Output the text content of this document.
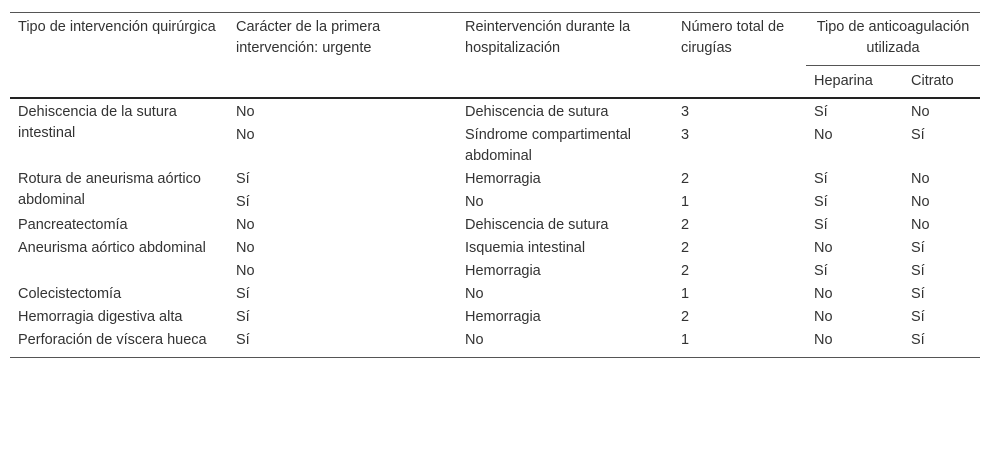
Tipo de intervención quirúrgica	Carácter de la primera intervención: urgente	Reintervención durante la hospitalización	Número total de cirugías	Tipo de anticoagulación utilizada	
				Heparina	Citrato
Dehiscencia de la sutura intestinal	No	Dehiscencia de sutura	3	Sí	No
	No	Síndrome compartimental abdominal	3	No	Sí
Rotura de aneurisma aórtico abdominal	Sí	Hemorragia	2	Sí	No
	Sí	No	1	Sí	No
Pancreatectomía	No	Dehiscencia de sutura	2	Sí	No
Aneurisma aórtico abdominal	No	Isquemia intestinal	2	No	Sí
	No	Hemorragia	2	Sí	Sí
Colecistectomía	Sí	No	1	No	Sí
Hemorragia digestiva alta	Sí	Hemorragia	2	No	Sí
Perforación de víscera hueca	Sí	No	1	No	Sí
